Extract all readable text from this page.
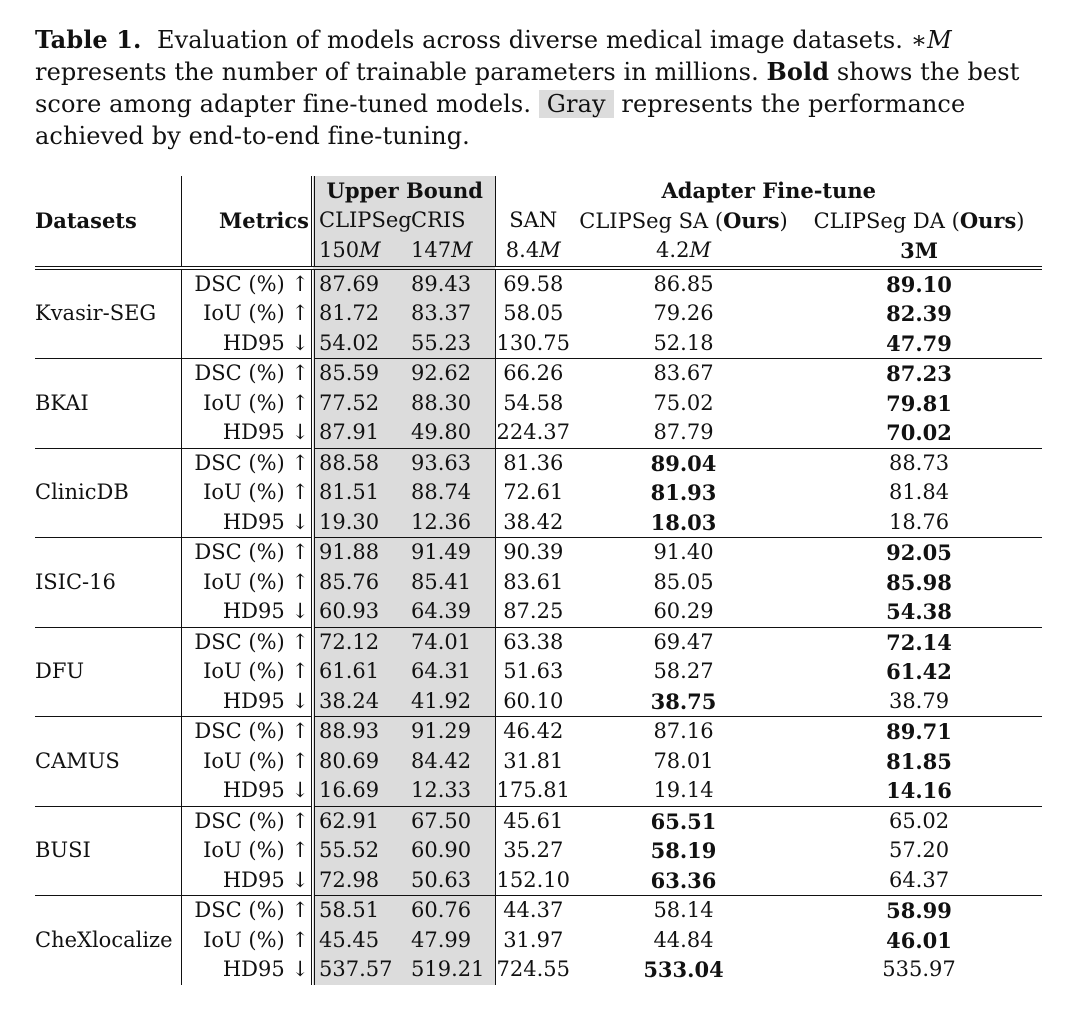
Table 1. Evaluation of models across diverse medical image datasets. ∗M represents the number of trainable parameters in millions. Bold shows the best score among adapter fine-tuned models. Gray represents the performance achieved by end-to-end fine-tuning.
		Upper Bound		Adapter Fine-tune		
Datasets	Metrics	CLIPSeg	CRIS	SAN	CLIPSeg SA (Ours)	CLIPSeg DA (Ours)
		150M	147M	8.4M	4.2M	3M
Kvasir-SEG	DSC (%) ↑	87.69	89.43	69.58	86.85	89.10
	IoU (%) ↑	81.72	83.37	58.05	79.26	82.39
	HD95 ↓	54.02	55.23	130.75	52.18	47.79
BKAI	DSC (%) ↑	85.59	92.62	66.26	83.67	87.23
	IoU (%) ↑	77.52	88.30	54.58	75.02	79.81
	HD95 ↓	87.91	49.80	224.37	87.79	70.02
ClinicDB	DSC (%) ↑	88.58	93.63	81.36	89.04	88.73
	IoU (%) ↑	81.51	88.74	72.61	81.93	81.84
	HD95 ↓	19.30	12.36	38.42	18.03	18.76
ISIC-16	DSC (%) ↑	91.88	91.49	90.39	91.40	92.05
	IoU (%) ↑	85.76	85.41	83.61	85.05	85.98
	HD95 ↓	60.93	64.39	87.25	60.29	54.38
DFU	DSC (%) ↑	72.12	74.01	63.38	69.47	72.14
	IoU (%) ↑	61.61	64.31	51.63	58.27	61.42
	HD95 ↓	38.24	41.92	60.10	38.75	38.79
CAMUS	DSC (%) ↑	88.93	91.29	46.42	87.16	89.71
	IoU (%) ↑	80.69	84.42	31.81	78.01	81.85
	HD95 ↓	16.69	12.33	175.81	19.14	14.16
BUSI	DSC (%) ↑	62.91	67.50	45.61	65.51	65.02
	IoU (%) ↑	55.52	60.90	35.27	58.19	57.20
	HD95 ↓	72.98	50.63	152.10	63.36	64.37
CheXlocalize	DSC (%) ↑	58.51	60.76	44.37	58.14	58.99
	IoU (%) ↑	45.45	47.99	31.97	44.84	46.01
	HD95 ↓	537.57	519.21	724.55	533.04	535.97
